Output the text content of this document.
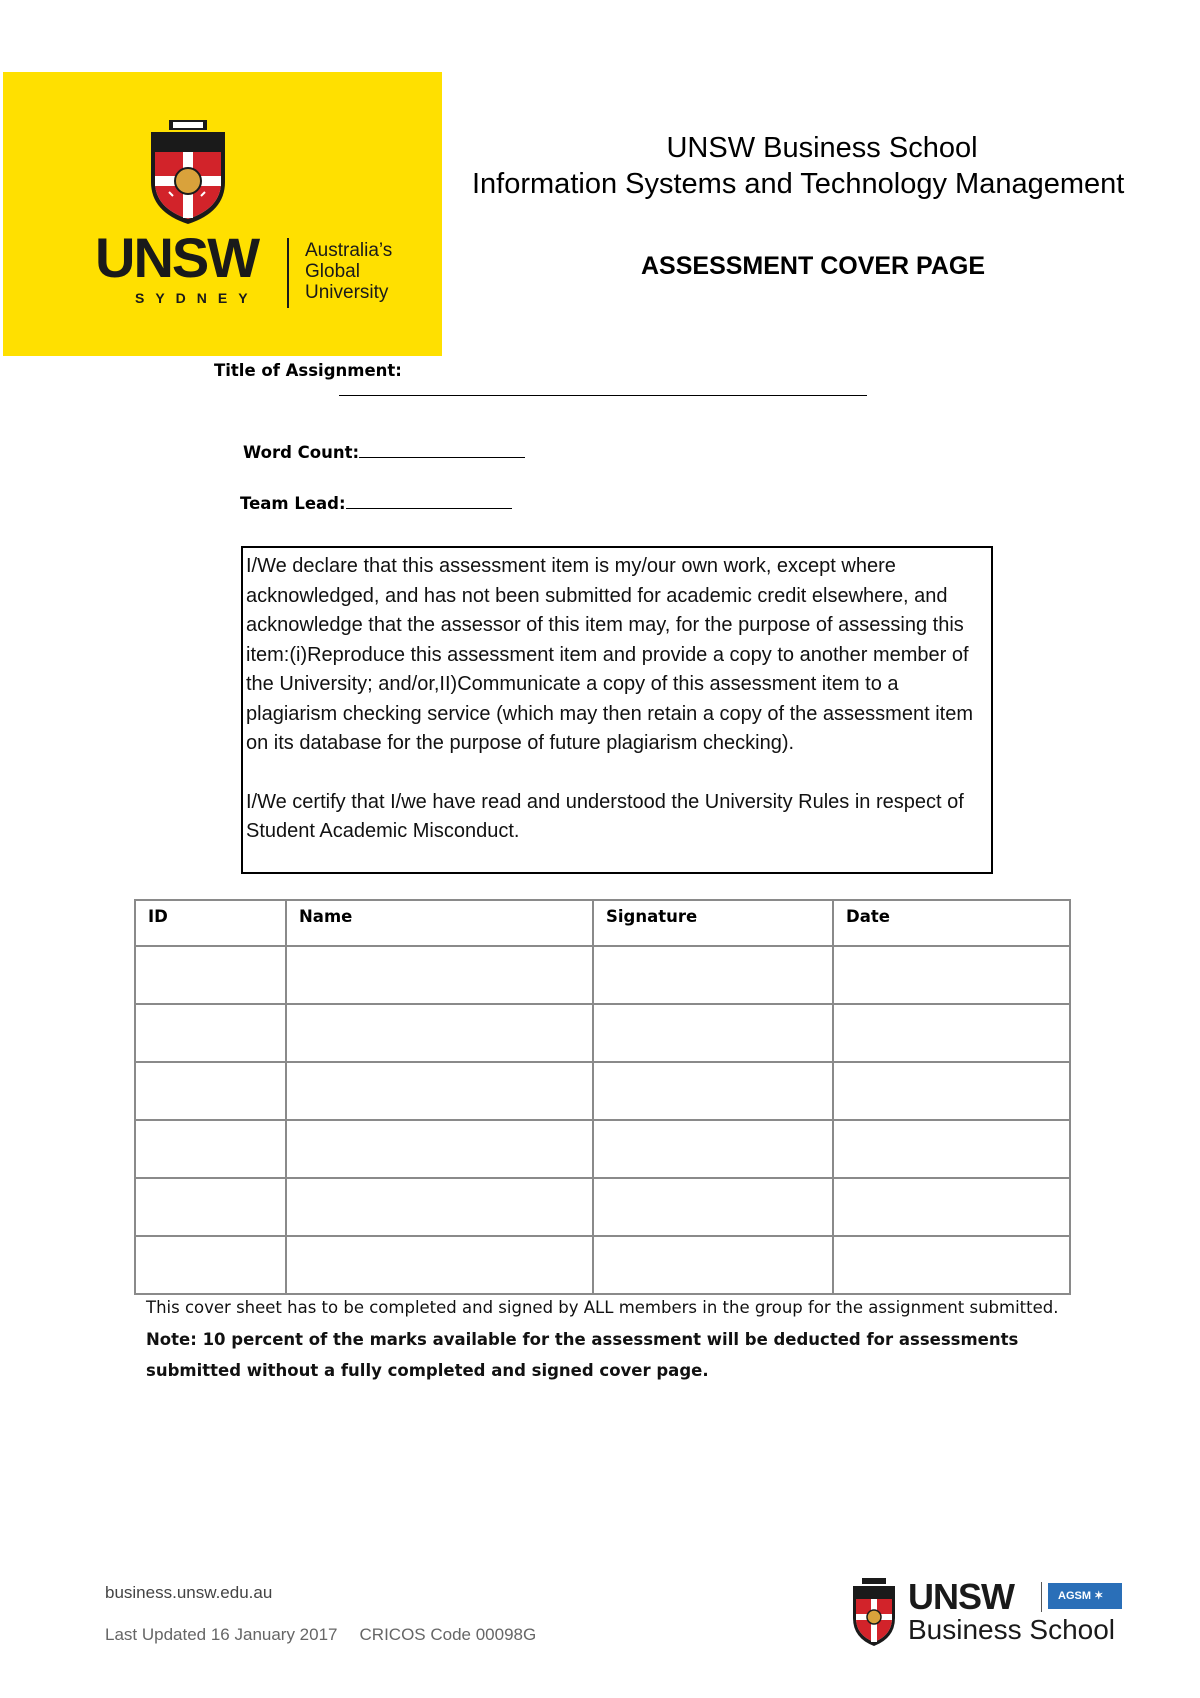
UNSW
SYDNEY
Australia’s
Global
University
UNSW Business School
Information Systems and Technology Management
ASSESSMENT COVER PAGE
Title of Assignment:
Word Count:
Team Lead:

I/We declare that this assessment item is my/our own work, except where acknowledged, and has not been submitted for academic credit elsewhere, and acknowledge that the assessor of this item may, for the purpose of assessing this item:(i)Reproduce this assessment item and provide a copy to another member of the University; and/or,II)Communicate a copy of this assessment item to a plagiarism checking service (which may then retain a copy of the assessment item on its database for the purpose of future plagiarism checking).

I/We certify that I/we have read and understood the University Rules in respect of Student Academic Misconduct.

ID	Name	Signature	Date

This cover sheet has to be completed and signed by ALL members in the group for the assignment submitted. Note: 10 percent of the marks available for the assessment will be deducted for assessments submitted without a fully completed and signed cover page.
business.unsw.edu.au
Last Updated 16 January 2017 CRICOS Code 00098G
UNSW
Business School
AGSM ✶
